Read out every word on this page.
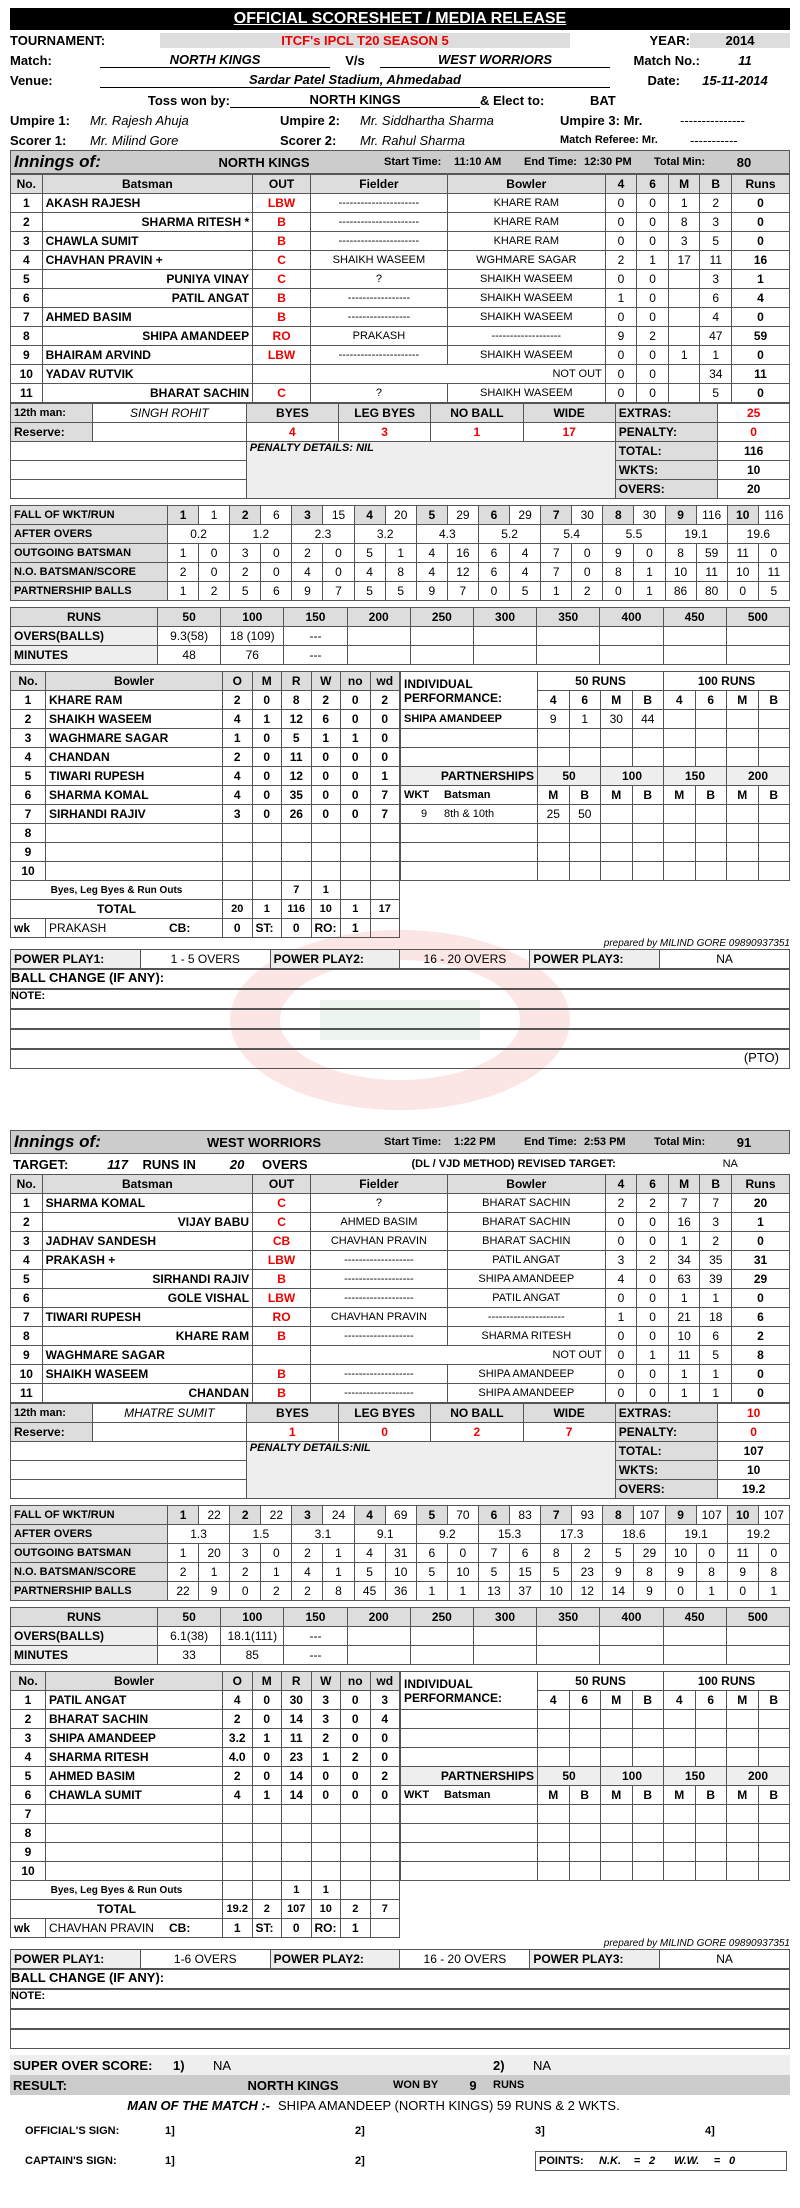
OFFICIAL SCORESHEET / MEDIA RELEASE
TOURNAMENT:	ITCF's IPCL T20 SEASON 5	YEAR:	2014
Match:	NORTH KINGS	V/s	WEST WORRIORS	Match No.:	11
Venue:	Sardar Patel Stadium, Ahmedabad	Date:	15-11-2014
Toss won by:	NORTH KINGS	& Elect to:	BAT
Umpire 1:	Mr. Rajesh Ahuja	Umpire 2:	Mr. Siddhartha Sharma	Umpire 3: Mr.	---------------
Scorer 1:	Mr. Milind Gore	Scorer 2:	Mr. Rahul Sharma	Match Referee: Mr.	-----------
Innings of:	NORTH KINGS	Start Time:	11:10 AM	End Time: 12:30 PM	Total Min:	80
No.	Batsman	OUT	Fielder	Bowler	4	6	M	B	Runs
1	AKASH RAJESH	LBW	----------------------	KHARE RAM	0	0	1	2	0
2	SHARMA RITESH *	B	----------------------	KHARE RAM	0	0	8	3	0
3	CHAWLA SUMIT	B	----------------------	KHARE RAM	0	0	3	5	0
4	CHAVHAN PRAVIN +	C	SHAIKH WASEEM	WGHMARE SAGAR	2	1	17	11	16
5	PUNIYA VINAY	C	?	SHAIKH WASEEM	0	0		3	1
6	PATIL ANGAT	B	-----------------	SHAIKH WASEEM	1	0		6	4
7	AHMED BASIM	B	-----------------	SHAIKH WASEEM	0	0		4	0
8	SHIPA AMANDEEP	RO	PRAKASH	-------------------	9	2		47	59
9	BHAIRAM ARVIND	LBW	----------------------	SHAIKH WASEEM	0	0	1	1	0
10	YADAV RUTVIK		NOT OUT		0	0		34	11
11	BHARAT SACHIN	C	?	SHAIKH WASEEM	0	0		5	0
12th man:	SINGH ROHIT	BYES	LEG BYES	NO BALL	WIDE	EXTRAS:	25
Reserve:		4	3	1	17	PENALTY:	0
		PENALTY DETAILS: NIL				TOTAL:	116
						WKTS:	10
						OVERS:	20
FALL OF WKT/RUN	1	1	2	6	3	15	4	20	5	29	6	29	7	30	8	30	9	116	10	116
AFTER OVERS	0.2		1.2		2.3		3.2		4.3		5.2		5.4		5.5		19.1		19.6	
OUTGOING BATSMAN	1	0	3	0	2	0	5	1	4	16	6	4	7	0	9	0	8	59	11	0
N.O. BATSMAN/SCORE	2	0	2	0	4	0	4	8	4	12	6	4	7	0	8	1	10	11	10	11
PARTNERSHIP BALLS	1	2	5	6	9	7	5	5	9	7	0	5	1	2	0	1	86	80	0	5
RUNS	50	100	150	200	250	300	350	400	450	500
OVERS(BALLS)	9.3(58)	18 (109)	---							
MINUTES	48	76	---							
No.	Bowler	O	M	R	W	no	wd
1	KHARE RAM	2	0	8	2	0	2
2	SHAIKH WASEEM	4	1	12	6	0	0
3	WAGHMARE SAGAR	1	0	5	1	1	0
4	CHANDAN	2	0	11	0	0	0
5	TIWARI RUPESH	4	0	12	0	0	1
6	SHARMA KOMAL	4	0	35	0	0	7
7	SIRHANDI RAJIV	3	0	26	0	0	7
8							
9							
10							
Byes, Leg Byes & Run Outs				7	1		
TOTAL		20	1	116	10	1	17
wk	PRAKASH CB:	0	ST:	0	RO:	1	
INDIVIDUAL PERFORMANCE:	50 RUNS				100 RUNS			
	4	6	M	B	4	6	M	B
SHIPA AMANDEEP	9	1	30	44				

PARTNERSHIPS	50		100		150		200	
WKT Batsman	M	B	M	B	M	B	M	B
9 8th & 10th	25	50						

prepared by MILIND GORE 09890937351
POWER PLAY1:	1 - 5 OVERS	POWER PLAY2:	16 - 20 OVERS	POWER PLAY3:	NA
BALL CHANGE (IF ANY):
NOTE:
(PTO)
Innings of:	WEST WORRIORS	Start Time:	1:22 PM	End Time: 2:53 PM	Total Min:	91
TARGET:	117	RUNS IN	20	OVERS	(DL / VJD METHOD) REVISED TARGET:	NA
No.	Batsman	OUT	Fielder	Bowler	4	6	M	B	Runs
1	SHARMA KOMAL	C	?	BHARAT SACHIN	2	2	7	7	20
2	VIJAY BABU	C	AHMED BASIM	BHARAT SACHIN	0	0	16	3	1
3	JADHAV SANDESH	CB	CHAVHAN PRAVIN	BHARAT SACHIN	0	0	1	2	0
4	PRAKASH +	LBW	-------------------	PATIL ANGAT	3	2	34	35	31
5	SIRHANDI RAJIV	B	-------------------	SHIPA AMANDEEP	4	0	63	39	29
6	GOLE VISHAL	LBW	-------------------	PATIL ANGAT	0	0	1	1	0
7	TIWARI RUPESH	RO	CHAVHAN PRAVIN	---------------------	1	0	21	18	6
8	KHARE RAM	B	-------------------	SHARMA RITESH	0	0	10	6	2
9	WAGHMARE SAGAR		NOT OUT		0	1	11	5	8
10	SHAIKH WASEEM	B	-------------------	SHIPA AMANDEEP	0	0	1	1	0
11	CHANDAN	B	-------------------	SHIPA AMANDEEP	0	0	1	1	0
12th man:	MHATRE SUMIT	BYES	LEG BYES	NO BALL	WIDE	EXTRAS:	10
Reserve:		1	0	2	7	PENALTY:	0
		PENALTY DETAILS:NIL				TOTAL:	107
						WKTS:	10
						OVERS:	19.2
FALL OF WKT/RUN	1	22	2	22	3	24	4	69	5	70	6	83	7	93	8	107	9	107	10	107
AFTER OVERS	1.3		1.5		3.1		9.1		9.2		15.3		17.3		18.6		19.1		19.2	
OUTGOING BATSMAN	1	20	3	0	2	1	4	31	6	0	7	6	8	2	5	29	10	0	11	0
N.O. BATSMAN/SCORE	2	1	2	1	4	1	5	10	5	10	5	15	5	23	9	8	9	8	9	8
PARTNERSHIP BALLS	22	9	0	2	2	8	45	36	1	1	13	37	10	12	14	9	0	1	0	1
RUNS	50	100	150	200	250	300	350	400	450	500
OVERS(BALLS)	6.1(38)	18.1(111)	---							
MINUTES	33	85	---							
No.	Bowler	O	M	R	W	no	wd
1	PATIL ANGAT	4	0	30	3	0	3
2	BHARAT SACHIN	2	0	14	3	0	4
3	SHIPA AMANDEEP	3.2	1	11	2	0	0
4	SHARMA RITESH	4.0	0	23	1	2	0
5	AHMED BASIM	2	0	14	0	0	2
6	CHAWLA SUMIT	4	1	14	0	0	0
7							
8							
9							
10							
Byes, Leg Byes & Run Outs				1	1		
TOTAL		19.2	2	107	10	2	7
wk	CHAVHAN PRAVIN CB:	1	ST:	0	RO:	1	
INDIVIDUAL PERFORMANCE:	50 RUNS				100 RUNS			
	4	6	M	B	4	6	M	B

PARTNERSHIPS	50		100		150		200	
WKT Batsman	M	B	M	B	M	B	M	B

prepared by MILIND GORE 09890937351
POWER PLAY1:	1-6 OVERS	POWER PLAY2:	16 - 20 OVERS	POWER PLAY3:	NA
BALL CHANGE (IF ANY):
NOTE:
SUPER OVER SCORE:	1)	NA	2)	NA
RESULT:	NORTH KINGS	WON BY	9	RUNS
MAN OF THE MATCH :- SHIPA AMANDEEP (NORTH KINGS) 59 RUNS & 2 WKTS.
OFFICIAL'S SIGN:	1]	2]	3]	4]
CAPTAIN'S SIGN:	1]	2]	POINTS:	N.K.	= 2	W.W.	= 0
